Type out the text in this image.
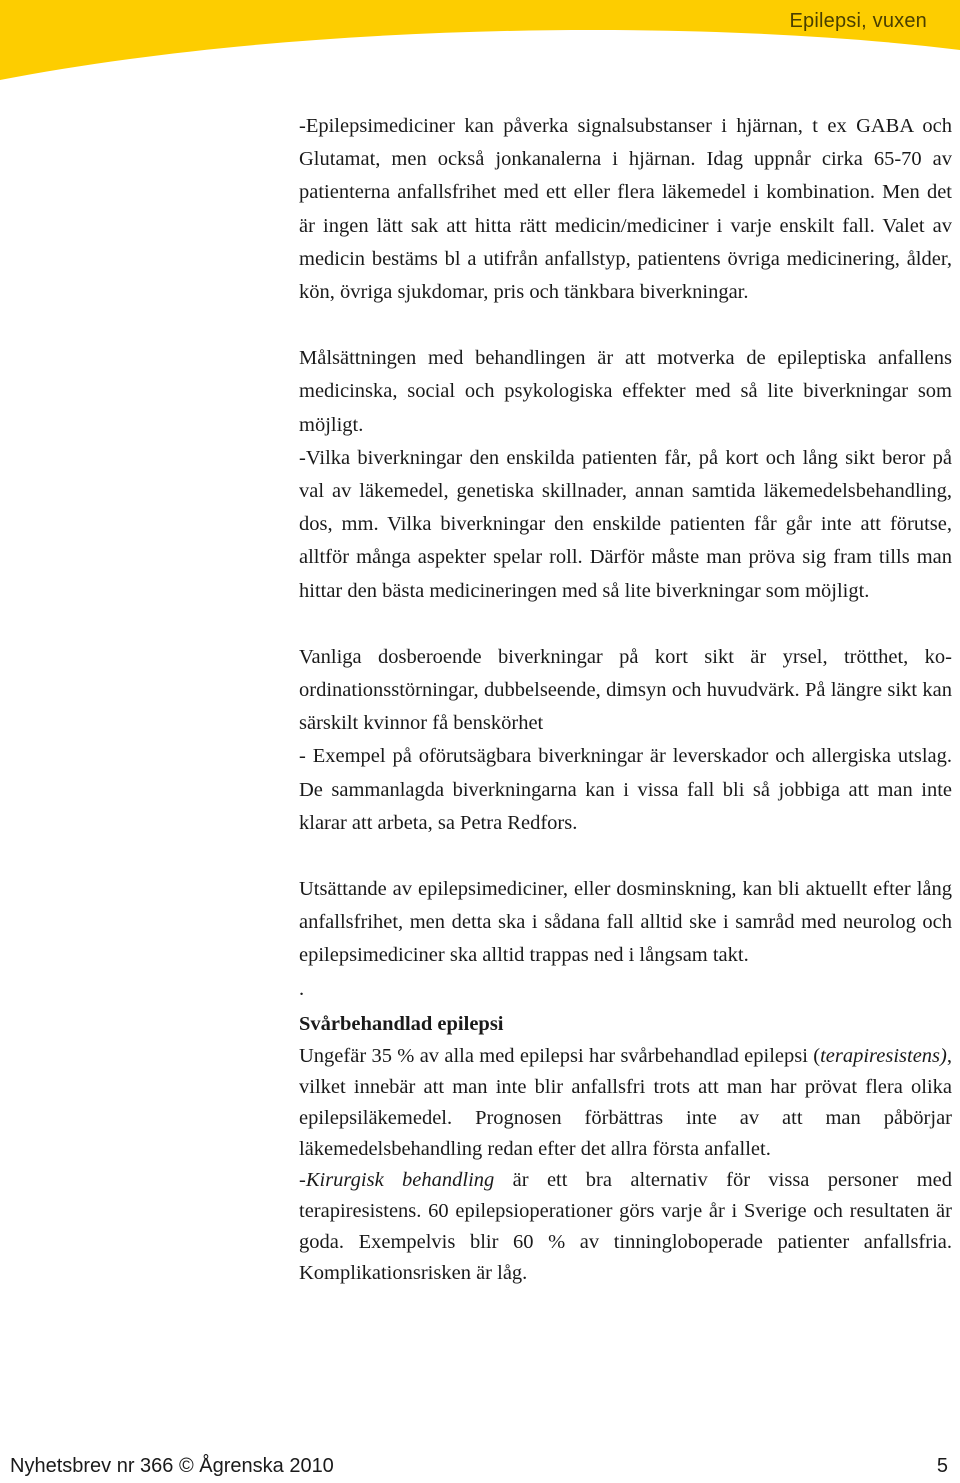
Epilepsi, vuxen

-Epilepsimediciner kan påverka signalsubstanser i hjärnan, t ex GABA och Glutamat, men också jonkanalerna i hjärnan. Idag uppnår cirka 65-70 av patienterna anfallsfrihet med ett eller flera läkemedel i kombination. Men det är ingen lätt sak att hitta rätt medicin/mediciner i varje enskilt fall. Valet av medicin bestäms bl a utifrån anfallstyp, patientens övriga medicinering, ålder, kön, övriga sjukdomar, pris och tänkbara biverkningar.

Målsättningen med behandlingen är att motverka de epileptiska anfallens medicinska, social och psykologiska effekter med så lite biverkningar som möjligt.

-Vilka biverkningar den enskilda patienten får, på kort och lång sikt beror på val av läkemedel, genetiska skillnader, annan samtida läkemedelsbehandling, dos, mm. Vilka biverkningar den enskilde patienten får går inte att förutse, alltför många aspekter spelar roll. Därför måste man pröva sig fram tills man hittar den bästa medicineringen med så lite biverkningar som möjligt.

Vanliga dosberoende biverkningar på kort sikt är yrsel, trötthet, koordinationsstörningar, dubbelseende, dimsyn och huvudvärk. På längre sikt kan särskilt kvinnor få benskörhet

- Exempel på oförutsägbara biverkningar är leverskador och allergiska utslag. De sammanlagda biverkningarna kan i vissa fall bli så jobbiga att man inte klarar att arbeta, sa Petra Redfors.

Utsättande av epilepsimediciner, eller dosminskning, kan bli aktuellt efter lång anfallsfrihet, men detta ska i sådana fall alltid ske i samråd med neurolog och epilepsimediciner ska alltid trappas ned i långsam takt.

.

Svårbehandlad epilepsi

Ungefär 35 % av alla med epilepsi har svårbehandlad epilepsi (terapiresistens), vilket innebär att man inte blir anfallsfri trots att man har prövat flera olika epilepsiläkemedel. Prognosen förbättras inte av att man påbörjar läkemedelsbehandling redan efter det allra första anfallet.

-Kirurgisk behandling är ett bra alternativ för vissa personer med terapiresistens. 60 epilepsioperationer görs varje år i Sverige och resultaten är goda. Exempelvis blir 60 % av tinningloboperade patienter anfallsfria. Komplikationsrisken är låg.

Nyhetsbrev nr 366 © Ågrenska 2010	5
